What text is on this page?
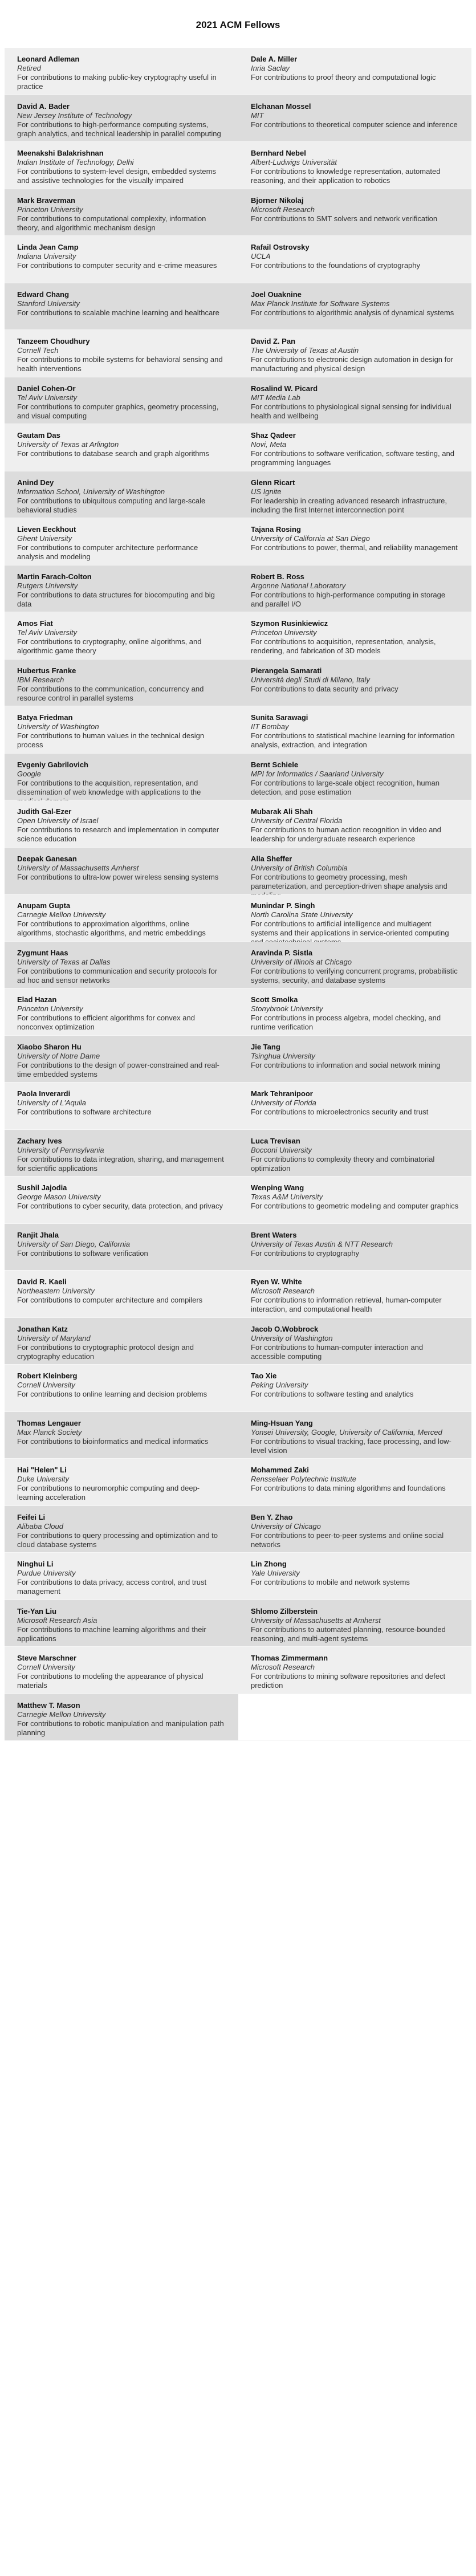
2021 ACM Fellows
Leonard Adleman
Retired
For contributions to making public-key cryptography useful in practice
Dale A. Miller
Inria Saclay
For contributions to proof theory and computational logic
David A. Bader
New Jersey Institute of Technology
For contributions to high-performance computing systems, graph analytics, and technical leadership in parallel computing
Elchanan Mossel
MIT
For contributions to theoretical computer science and inference
Meenakshi Balakrishnan
Indian Institute of Technology, Delhi
For contributions to system-level design, embedded systems and assistive technologies for the visually impaired
Bernhard Nebel
Albert-Ludwigs Universität
For contributions to knowledge representation, automated reasoning, and their application to robotics
Mark Braverman
Princeton University
For contributions to computational complexity, information theory, and algorithmic mechanism design
Bjorner Nikolaj
Microsoft Research
For contributions to SMT solvers and network verification
Linda Jean Camp
Indiana University
For contributions to computer security and e-crime measures
Rafail Ostrovsky
UCLA
For contributions to the foundations of cryptography
Edward Chang
Stanford University
For contributions to scalable machine learning and healthcare
Joel Ouaknine
Max Planck Institute for Software Systems
For contributions to algorithmic analysis of dynamical systems
Tanzeem Choudhury
Cornell Tech
For contributions to mobile systems for behavioral sensing and health interventions
David Z. Pan
The University of Texas at Austin
For contributions to electronic design automation in design for manufacturing and physical design
Daniel Cohen-Or
Tel Aviv University
For contributions to computer graphics, geometry processing, and visual computing
Rosalind W. Picard
MIT Media Lab
For contributions to physiological signal sensing for individual health and wellbeing
Gautam Das
University of Texas at Arlington
For contributions to database search and graph algorithms
Shaz Qadeer
Novi, Meta
For contributions to software verification, software testing, and programming languages
Anind Dey
Information School, University of Washington
For contributions to ubiquitous computing and large-scale behavioral studies
Glenn Ricart
US Ignite
For leadership in creating advanced research infrastructure, including the first Internet interconnection point
Lieven Eeckhout
Ghent University
For contributions to computer architecture performance analysis and modeling
Tajana Rosing
University of California at San Diego
For contributions to power, thermal, and reliability management
Martin Farach-Colton
Rutgers University
For contributions to data structures for biocomputing and big data
Robert B. Ross
Argonne National Laboratory
For contributions to high-performance computing in storage and parallel I/O
Amos Fiat
Tel Aviv University
For contributions to cryptography, online algorithms, and algorithmic game theory
Szymon Rusinkiewicz
Princeton University
For contributions to acquisition, representation, analysis, rendering, and fabrication of 3D models
Hubertus Franke
IBM Research
For contributions to the communication, concurrency and resource control in parallel systems
Pierangela Samarati
Università degli Studi di Milano, Italy
For contributions to data security and privacy
Batya Friedman
University of Washington
For contributions to human values in the technical design process
Sunita Sarawagi
IIT Bombay
For contributions to statistical machine learning for information analysis, extraction, and integration
Evgeniy Gabrilovich
Google
For contributions to the acquisition, representation, and dissemination of web knowledge with applications to the
Bernt Schiele
MPI for Informatics / Saarland University
For contributions to large-scale object recognition, human detection, and pose estimation
Judith Gal-Ezer
Open University of Israel
For contributions to research and implementation in computer science education
Mubarak Ali Shah
University of Central Florida
For contributions to human action recognition in video and leadership for undergraduate research experience
Deepak Ganesan
University of Massachusetts Amherst
For contributions to ultra-low power wireless sensing systems
Alla Sheffer
University of British Columbia
For contributions to geometry processing, mesh parameterization, and perception-driven shape analysis and
Anupam Gupta
Carnegie Mellon University
For contributions to approximation algorithms, online algorithms, stochastic algorithms, and metric embeddings
Munindar P. Singh
North Carolina State University
For contributions to artificial intelligence and multiagent systems and their applications in service-oriented computing
Zygmunt Haas
University of Texas at Dallas
For contributions to communication and security protocols for ad hoc and sensor networks
Aravinda P. Sistla
University of Illinois at Chicago
For contributions to verifying concurrent programs, probabilistic systems, security, and database systems
Elad Hazan
Princeton University
For contributions to efficient algorithms for convex and nonconvex optimization
Scott Smolka
Stonybrook University
For contributions in process algebra, model checking, and runtime verification
Xiaobo Sharon Hu
University of Notre Dame
For contributions to the design of power-constrained and real-time embedded systems
Jie Tang
Tsinghua University
For contributions to information and social network mining
Paola Inverardi
University of L'Aquila
For contributions to software architecture
Mark Tehranipoor
University of Florida
For contributions to microelectronics security and trust
Zachary Ives
University of Pennsylvania
For contributions to data integration, sharing, and management for scientific applications
Luca Trevisan
Bocconi University
For contributions to complexity theory and combinatorial optimization
Sushil Jajodia
George Mason University
For contributions to cyber security, data protection, and privacy
Wenping Wang
Texas A&M University
For contributions to geometric modeling and computer graphics
Ranjit Jhala
University of San Diego, California
For contributions to software verification
Brent Waters
University of Texas Austin & NTT Research
For contributions to cryptography
David R. Kaeli
Northeastern University
For contributions to computer architecture and compilers
Ryen W. White
Microsoft Research
For contributions to information retrieval, human-computer interaction, and computational health
Jonathan Katz
University of Maryland
For contributions to cryptographic protocol design and cryptography education
Jacob O.Wobbrock
University of Washington
For contributions to human-computer interaction and accessible computing
Robert Kleinberg
Cornell University
For contributions to online learning and decision problems
Tao Xie
Peking University
For contributions to software testing and analytics
Thomas Lengauer
Max Planck Society
For contributions to bioinformatics and medical informatics
Ming-Hsuan Yang
Yonsei University, Google, University of California, Merced
For contributions to visual tracking, face processing, and low-level vision
Hai "Helen" Li
Duke University
For contributions to neuromorphic computing and deep-learning acceleration
Mohammed Zaki
Rensselaer Polytechnic Institute
For contributions to data mining algorithms and foundations
Feifei Li
Alibaba Cloud
For contributions to query processing and optimization and to cloud database systems
Ben Y. Zhao
University of Chicago
For contributions to peer-to-peer systems and online social networks
Ninghui Li
Purdue University
For contributions to data privacy, access control, and trust management
Lin Zhong
Yale University
For contributions to mobile and network systems
Tie-Yan Liu
Microsoft Research Asia
For contributions to machine learning algorithms and their applications
Shlomo Zilberstein
University of Massachusetts at Amherst
For contributions to automated planning, resource-bounded reasoning, and multi-agent systems
Steve Marschner
Cornell University
For contributions to modeling the appearance of physical materials
Thomas Zimmermann
Microsoft Research
For contributions to mining software repositories and defect prediction
Matthew T. Mason
Carnegie Mellon University
For contributions to robotic manipulation and manipulation path planning
